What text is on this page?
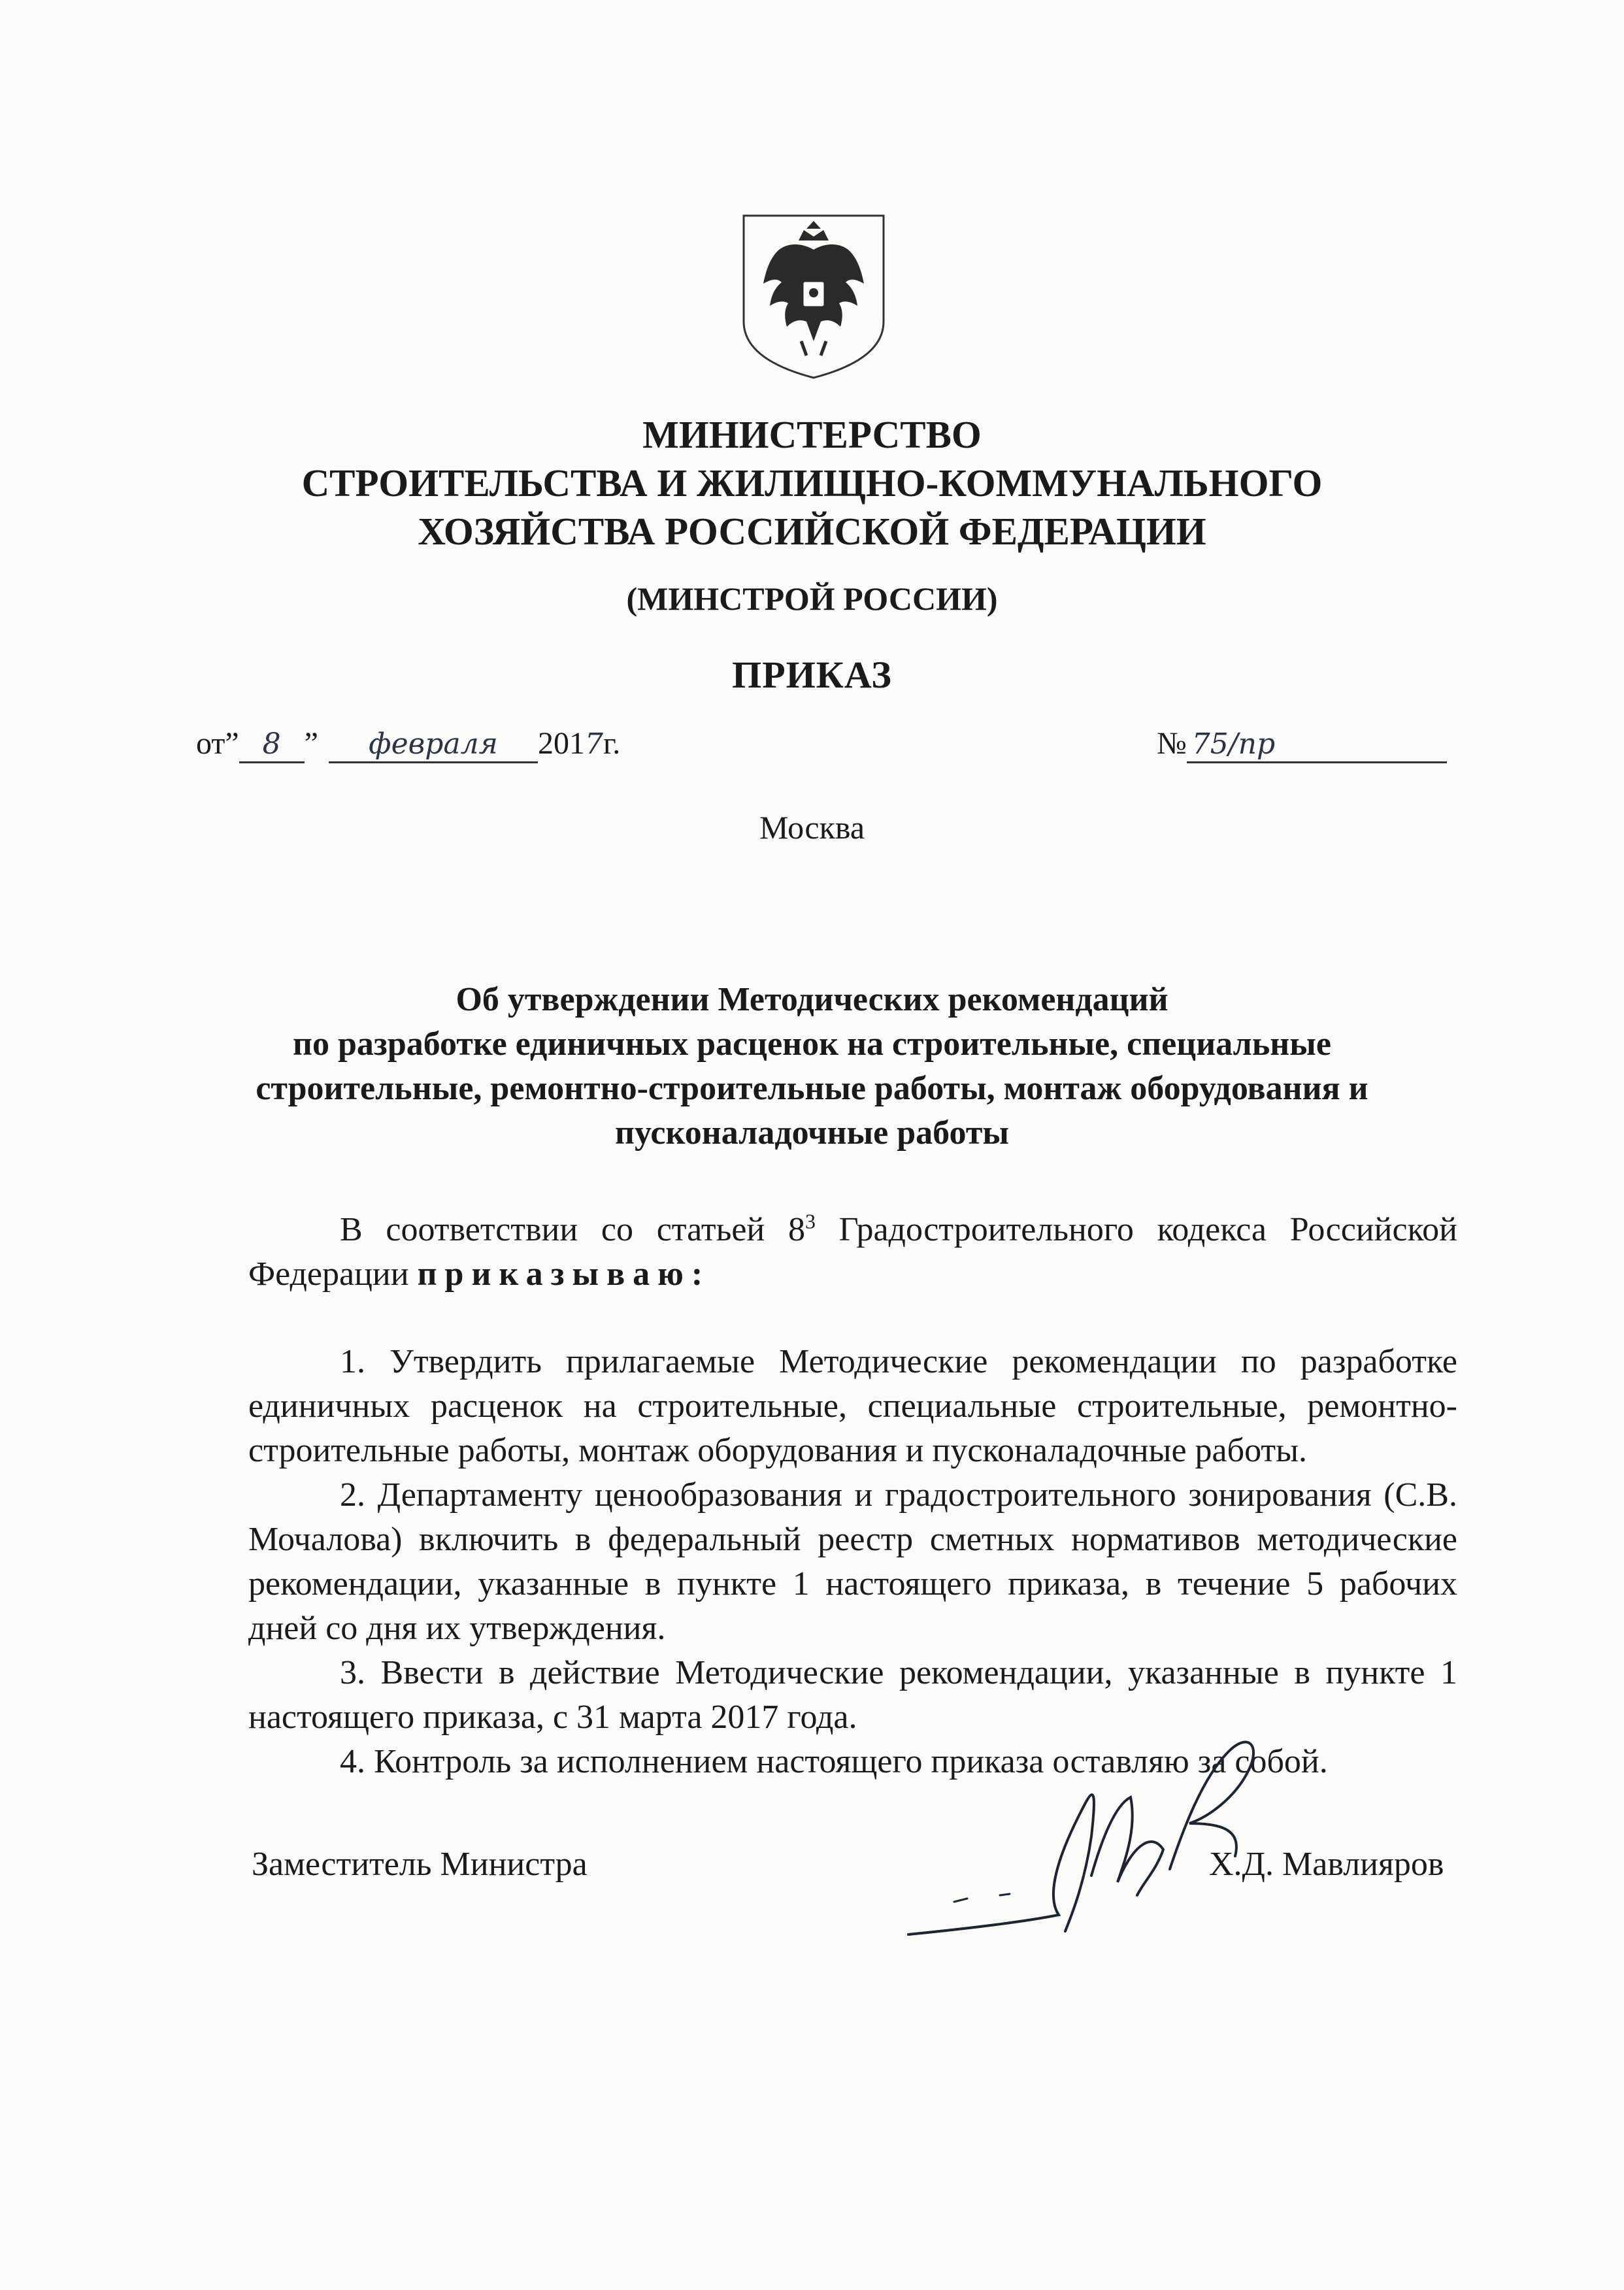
МИНИСТЕРСТВО
СТРОИТЕЛЬСТВА И ЖИЛИЩНО-КОММУНАЛЬНОГО
ХОЗЯЙСТВА РОССИЙСКОЙ ФЕДЕРАЦИИ
(МИНСТРОЙ РОССИИ)
ПРИКАЗ
от” 8 ” февраля 2017г.	№ 75/пр
Москва
Об утверждении Методических рекомендаций
по разработке единичных расценок на строительные, специальные
строительные, ремонтно-строительные работы, монтаж оборудования и
пусконаладочные работы

В соответствии со статьей $8^3$ Градостроительного кодекса Российской Федерации приказываю:

1. Утвердить прилагаемые Методические рекомендации по разработке единичных расценок на строительные, специальные строительные, ремонтно-строительные работы, монтаж оборудования и пусконаладочные работы.

2. Департаменту ценообразования и градостроительного зонирования (С.В. Мочалова) включить в федеральный реестр сметных нормативов методические рекомендации, указанные в пункте 1 настоящего приказа, в течение 5 рабочих дней со дня их утверждения.

3. Ввести в действие Методические рекомендации, указанные в пункте 1 настоящего приказа, с 31 марта 2017 года.

4. Контроль за исполнением настоящего приказа оставляю за собой.

Заместитель Министра	Х.Д. Мавлияров
